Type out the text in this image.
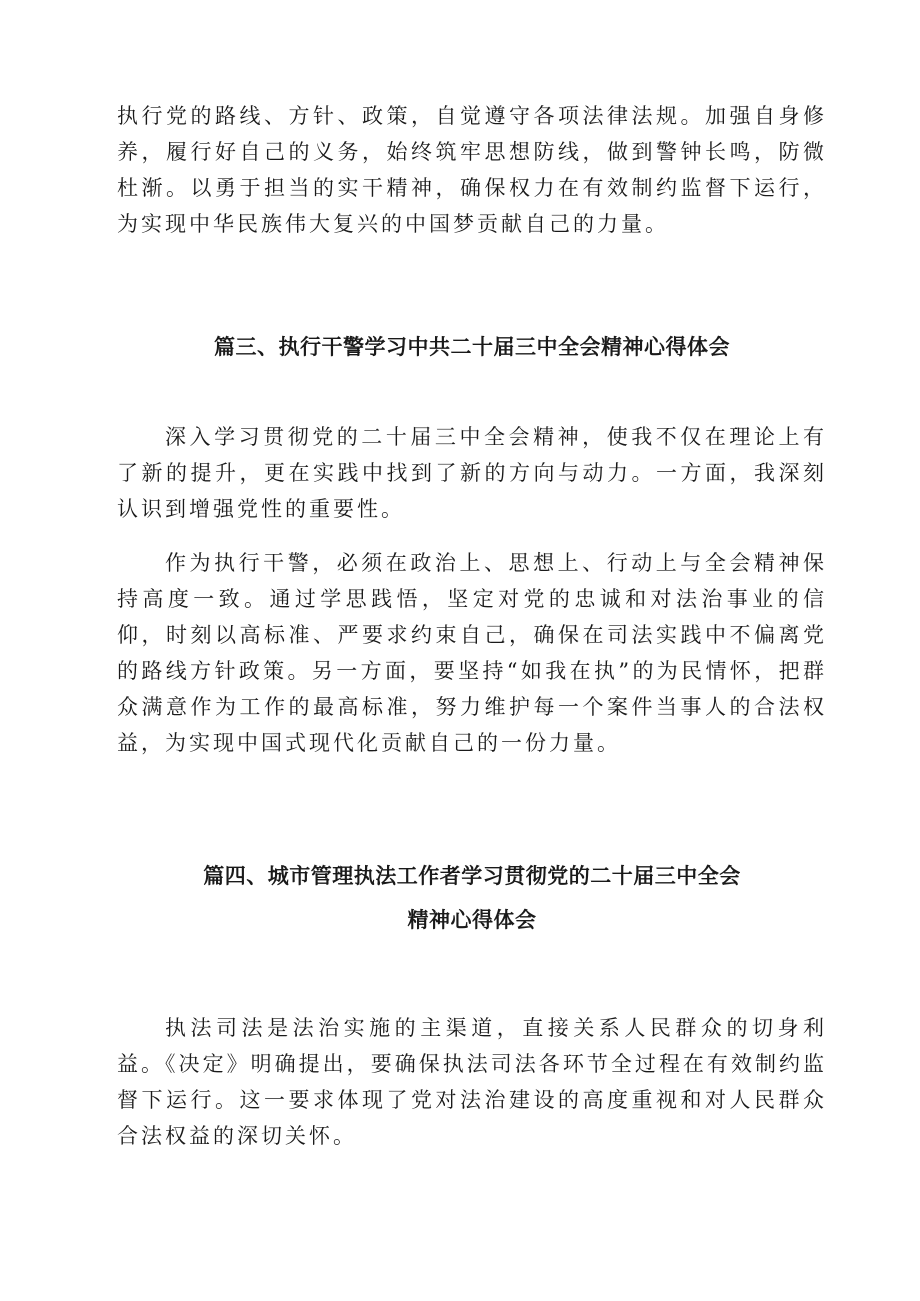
执行党的路线、方针、政策，自觉遵守各项法律法规。加强自身修养，履行好自己的义务，始终筑牢思想防线，做到警钟长鸣，防微杜渐。以勇于担当的实干精神，确保权力在有效制约监督下运行，为实现中华民族伟大复兴的中国梦贡献自己的力量。

篇三、执行干警学习中共二十届三中全会精神心得体会

深入学习贯彻党的二十届三中全会精神，使我不仅在理论上有了新的提升，更在实践中找到了新的方向与动力。一方面，我深刻认识到增强党性的重要性。

作为执行干警，必须在政治上、思想上、行动上与全会精神保持高度一致。通过学思践悟，坚定对党的忠诚和对法治事业的信仰，时刻以高标准、严要求约束自己，确保在司法实践中不偏离党的路线方针政策。另一方面，要坚持“如我在执”的为民情怀，把群众满意作为工作的最高标准，努力维护每一个案件当事人的合法权益，为实现中国式现代化贡献自己的一份力量。

篇四、城市管理执法工作者学习贯彻党的二十届三中全会
精神心得体会

执法司法是法治实施的主渠道，直接关系人民群众的切身利益。《决定》明确提出，要确保执法司法各环节全过程在有效制约监督下运行。这一要求体现了党对法治建设的高度重视和对人民群众合法权益的深切关怀。
